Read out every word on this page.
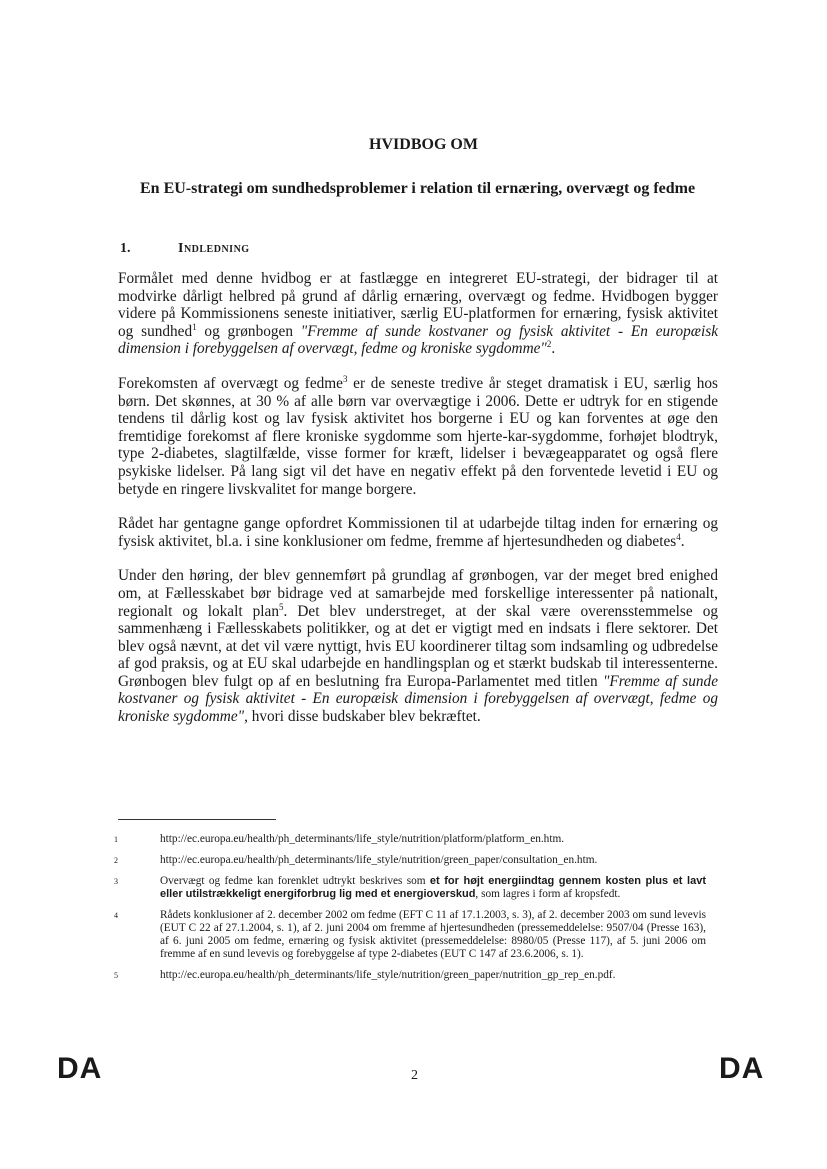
HVIDBOG OM
En EU-strategi om sundhedsproblemer i relation til ernæring, overvægt og fedme
1.	Indledning

Formålet med denne hvidbog er at fastlægge en integreret EU-strategi, der bidrager til at modvirke dårligt helbred på grund af dårlig ernæring, overvægt og fedme. Hvidbogen bygger videre på Kommissionens seneste initiativer, særlig EU-platformen for ernæring, fysisk aktivitet og sundhed$^1$ og grønbogen "Fremme af sunde kostvaner og fysisk aktivitet - En europæisk dimension i forebyggelsen af overvægt, fedme og kroniske sygdomme"$^2$.

Forekomsten af overvægt og fedme$^3$ er de seneste tredive år steget dramatisk i EU, særlig hos børn. Det skønnes, at 30 % af alle børn var overvægtige i 2006. Dette er udtryk for en stigende tendens til dårlig kost og lav fysisk aktivitet hos borgerne i EU og kan forventes at øge den fremtidige forekomst af flere kroniske sygdomme som hjerte-kar-sygdomme, forhøjet blodtryk, type 2-diabetes, slagtilfælde, visse former for kræft, lidelser i bevægeapparatet og også flere psykiske lidelser. På lang sigt vil det have en negativ effekt på den forventede levetid i EU og betyde en ringere livskvalitet for mange borgere.

Rådet har gentagne gange opfordret Kommissionen til at udarbejde tiltag inden for ernæring og fysisk aktivitet, bl.a. i sine konklusioner om fedme, fremme af hjertesundheden og diabetes$^4$.

Under den høring, der blev gennemført på grundlag af grønbogen, var der meget bred enighed om, at Fællesskabet bør bidrage ved at samarbejde med forskellige interessenter på nationalt, regionalt og lokalt plan$^5$. Det blev understreget, at der skal være overensstemmelse og sammenhæng i Fællesskabets politikker, og at det er vigtigt med en indsats i flere sektorer. Det blev også nævnt, at det vil være nyttigt, hvis EU koordinerer tiltag som indsamling og udbredelse af god praksis, og at EU skal udarbejde en handlingsplan og et stærkt budskab til interessenterne. Grønbogen blev fulgt op af en beslutning fra Europa-Parlamentet med titlen "Fremme af sunde kostvaner og fysisk aktivitet - En europæisk dimension i forebyggelsen af overvægt, fedme og kroniske sygdomme", hvori disse budskaber blev bekræftet.

1	http://ec.europa.eu/health/ph_determinants/life_style/nutrition/platform/platform_en.htm.
2	http://ec.europa.eu/health/ph_determinants/life_style/nutrition/green_paper/consultation_en.htm.
3	Overvægt og fedme kan forenklet udtrykt beskrives som et for højt energiindtag gennem kosten plus et lavt eller utilstrækkeligt energiforbrug lig med et energioverskud, som lagres i form af kropsfedt.
4	Rådets konklusioner af 2. december 2002 om fedme (EFT C 11 af 17.1.2003, s. 3), af 2. december 2003 om sund levevis (EUT C 22 af 27.1.2004, s. 1), af 2. juni 2004 om fremme af hjertesundheden (pressemeddelelse: 9507/04 (Presse 163), af 6. juni 2005 om fedme, ernæring og fysisk aktivitet (pressemeddelelse: 8980/05 (Presse 117), af 5. juni 2006 om fremme af en sund levevis og forebyggelse af type 2-diabetes (EUT C 147 af 23.6.2006, s. 1).
5	http://ec.europa.eu/health/ph_determinants/life_style/nutrition/green_paper/nutrition_gp_rep_en.pdf.
DA	2	DA
